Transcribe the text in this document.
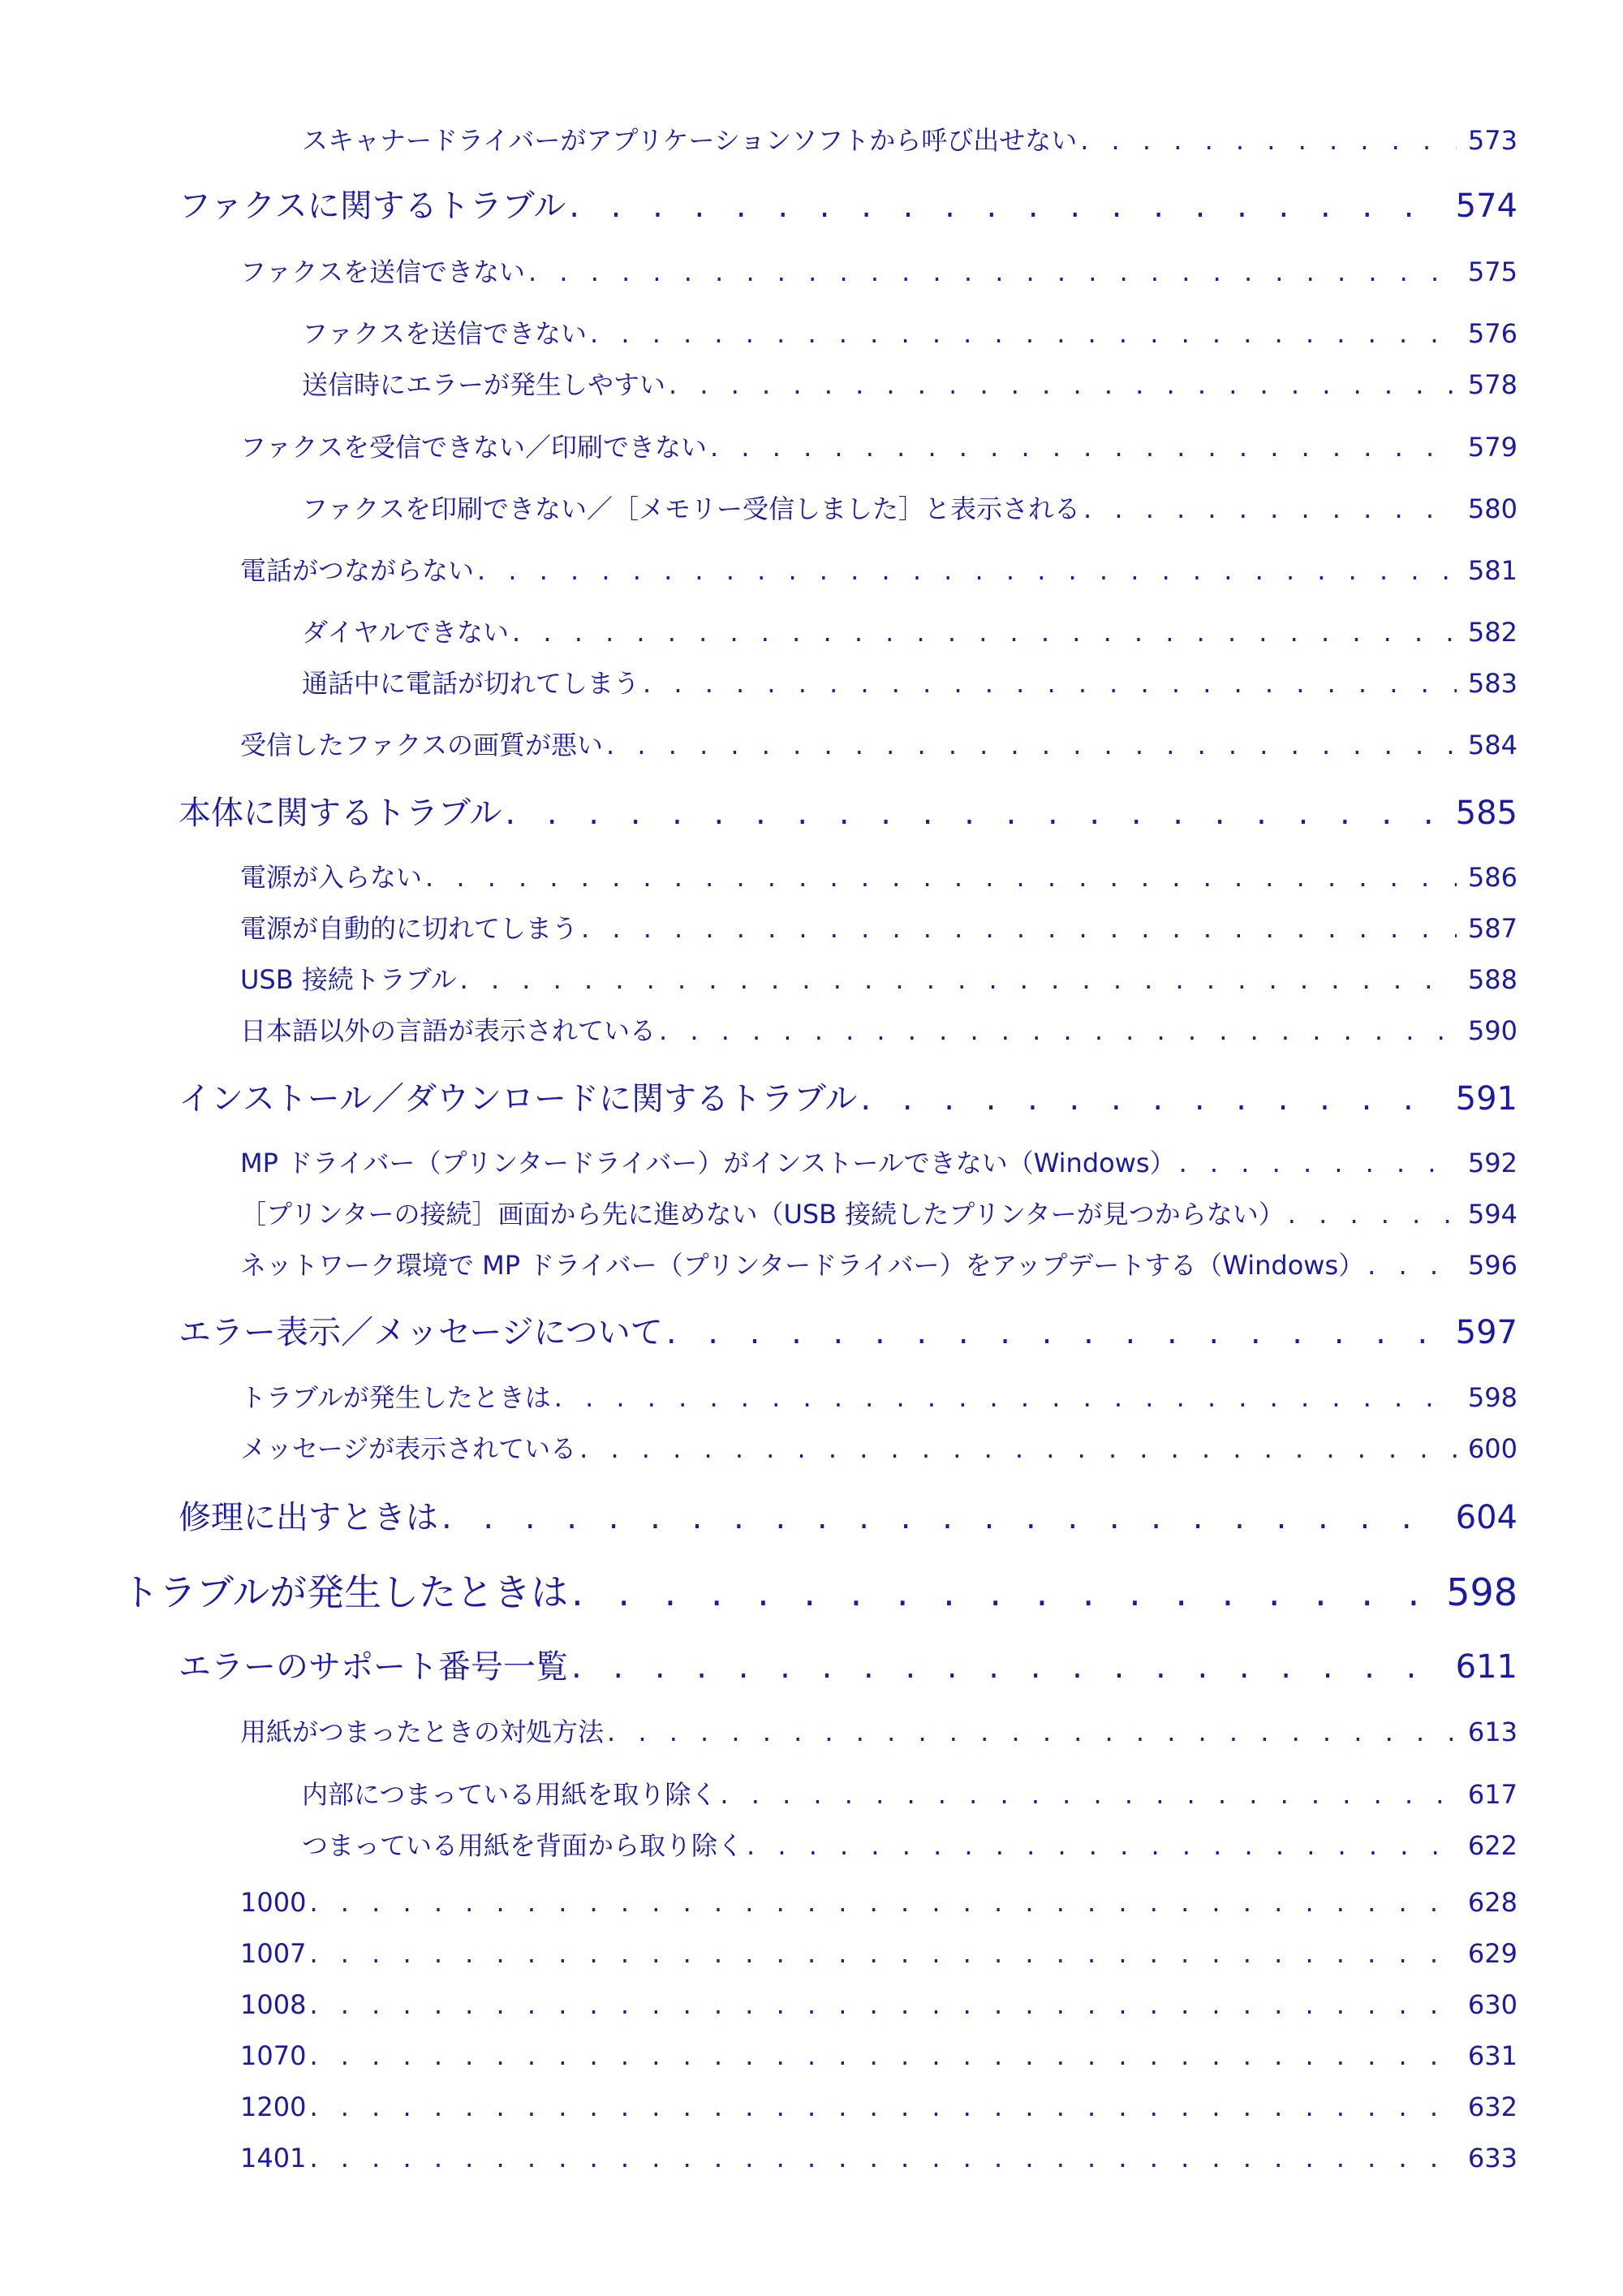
スキャナードライバーがアプリケーションソフトから呼び出せない . . .	573
ファクスに関するトラブル . . .	574
ファクスを送信できない . . .	575
ファクスを送信できない . . .	576
送信時にエラーが発生しやすい . . .	578
ファクスを受信できない／印刷できない . . .	579
ファクスを印刷できない／［メモリー受信しました］と表示される . . .	580
電話がつながらない . . .	581
ダイヤルできない . . .	582
通話中に電話が切れてしまう . . .	583
受信したファクスの画質が悪い . . .	584
本体に関するトラブル . . .	585
電源が入らない . . .	586
電源が自動的に切れてしまう . . .	587
USB 接続トラブル . . .	588
日本語以外の言語が表示されている . . .	590
インストール／ダウンロードに関するトラブル . . .	591
MP ドライバー（プリンタードライバー）がインストールできない（Windows） . . .	592
［プリンターの接続］画面から先に進めない（USB 接続したプリンターが見つからない） . . .	594
ネットワーク環境で MP ドライバー（プリンタードライバー）をアップデートする（Windows） . . .	596
エラー表示／メッセージについて . . .	597
トラブルが発生したときは . . .	598
メッセージが表示されている . . .	600
修理に出すときは . . .	604
トラブルが発生したときは . . .	598
エラーのサポート番号一覧 . . .	611
用紙がつまったときの対処方法 . . .	613
内部につまっている用紙を取り除く . . .	617
つまっている用紙を背面から取り除く . . .	622
1000 . . .	628
1007 . . .	629
1008 . . .	630
1070 . . .	631
1200 . . .	632
1401 . . .	633
